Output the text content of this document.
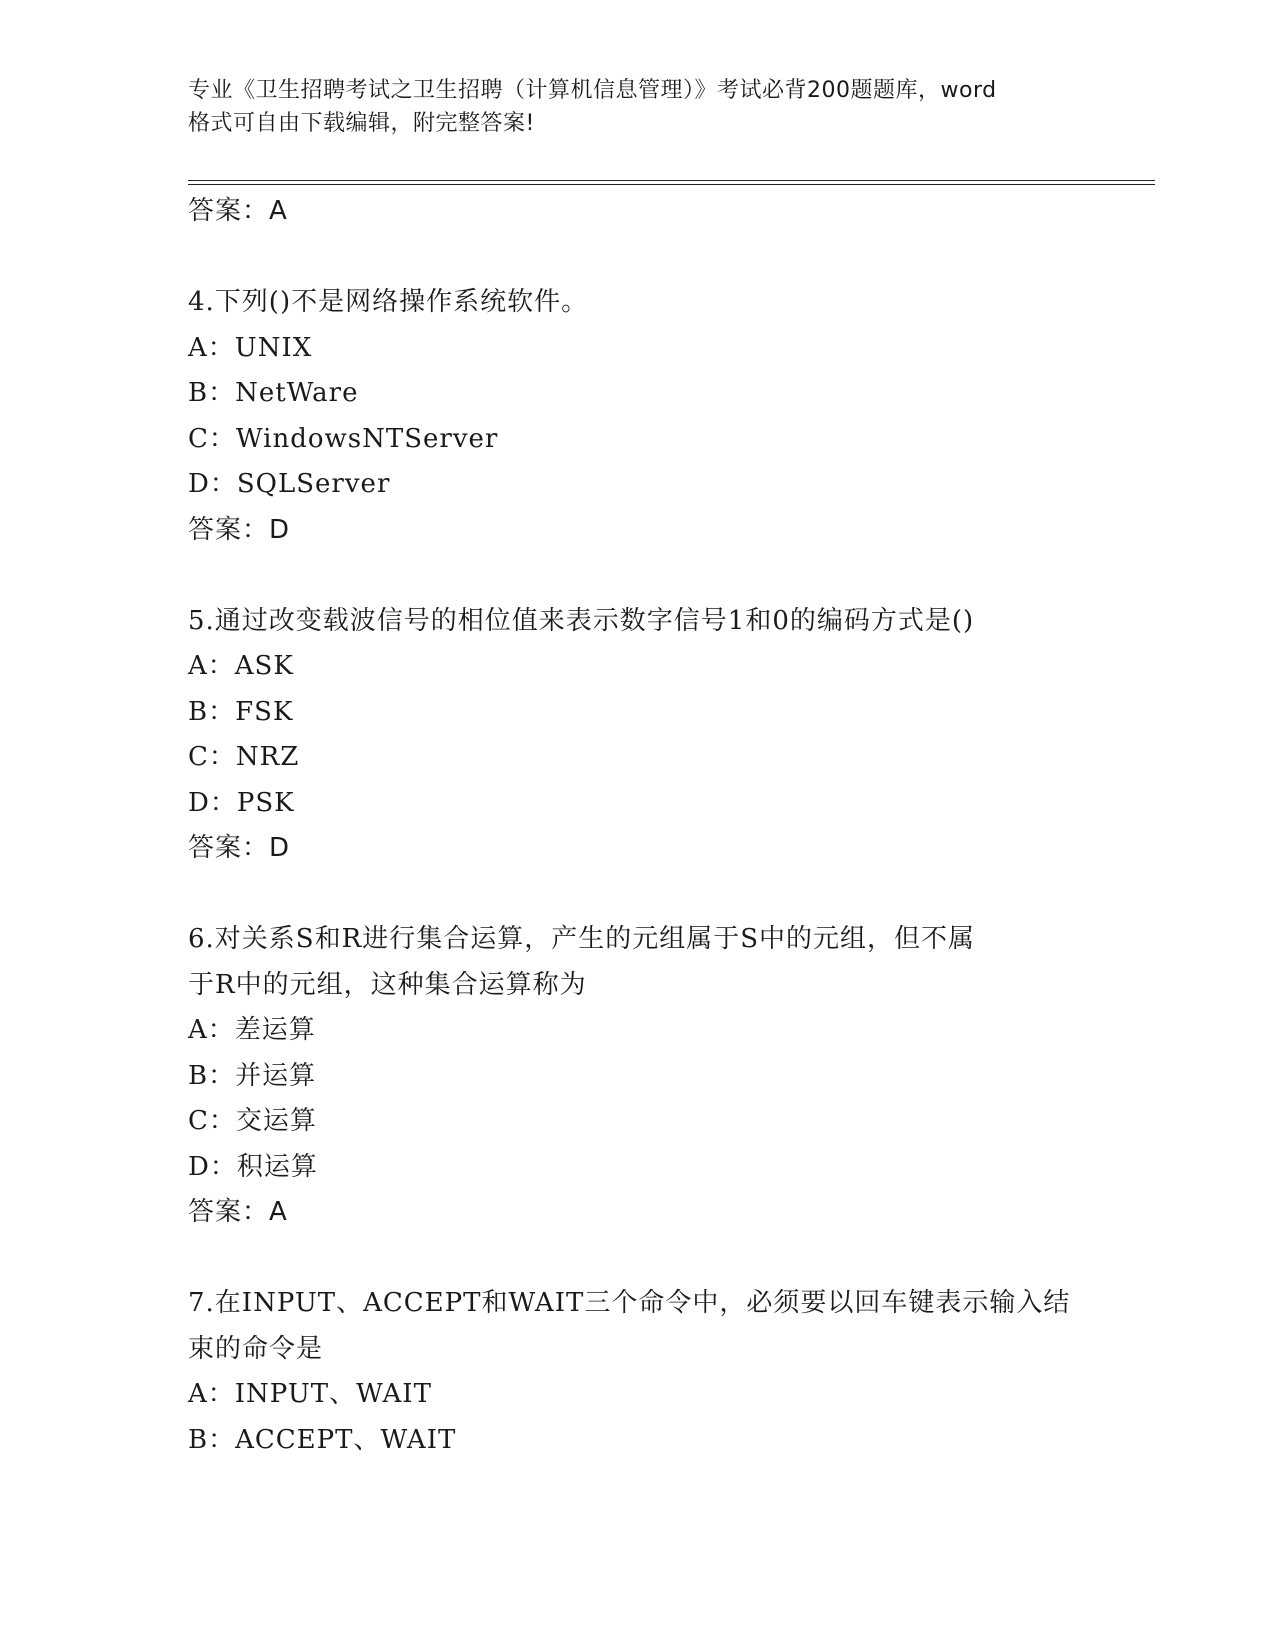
专业《卫生招聘考试之卫生招聘（计算机信息管理）》考试必背200题题库，word
格式可自由下载编辑，附完整答案!
答案：A
4.下列()不是网络操作系统软件。
A：UNIX
B：NetWare
C：WindowsNTServer
D：SQLServer
答案：D
5.通过改变载波信号的相位值来表示数字信号1和0的编码方式是()
A：ASK
B：FSK
C：NRZ
D：PSK
答案：D
6.对关系S和R进行集合运算，产生的元组属于S中的元组，但不属
于R中的元组，这种集合运算称为
A：差运算
B：并运算
C：交运算
D：积运算
答案：A
7.在INPUT、ACCEPT和WAIT三个命令中，必须要以回车键表示输入结
束的命令是
A：INPUT、WAIT
B：ACCEPT、WAIT
